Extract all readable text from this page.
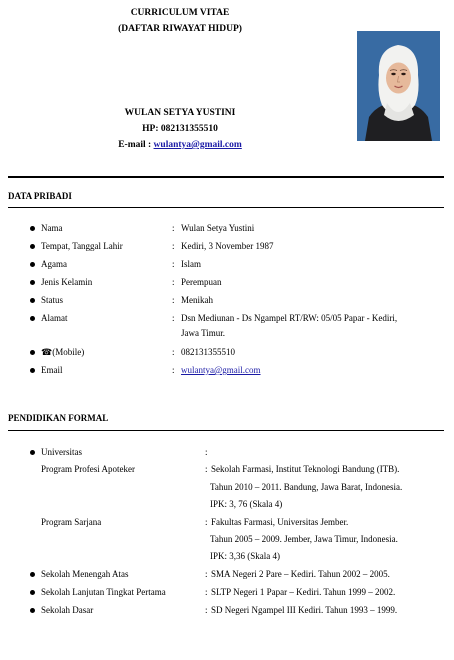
CURRICULUM VITAE
(DAFTAR RIWAYAT HIDUP)
WULAN SETYA YUSTINI
HP: 082131355510
E-mail : wulantya@gmail.com
DATA PRIBADI
Nama	: Wulan Setya Yustini
Tempat, Tanggal Lahir	: Kediri, 3 November 1987
Agama	: Islam
Jenis Kelamin	: Perempuan
Status	: Menikah
Alamat	: Dsn Mediunan - Ds Ngampel RT/RW: 05/05 Papar - Kediri,
Jawa Timur.
☎(Mobile)	: 082131355510
Email	: wulantya@gmail.com
PENDIDIKAN FORMAL
Universitas	:
Program Profesi Apoteker	: Sekolah Farmasi, Institut Teknologi Bandung (ITB).
Tahun 2010 – 2011. Bandung, Jawa Barat, Indonesia.
IPK: 3, 76 (Skala 4)
Program Sarjana	: Fakultas Farmasi, Universitas Jember.
Tahun 2005 – 2009. Jember, Jawa Timur, Indonesia.
IPK: 3,36 (Skala 4)
Sekolah Menengah Atas	: SMA Negeri 2 Pare – Kediri. Tahun 2002 – 2005.
Sekolah Lanjutan Tingkat Pertama	: SLTP Negeri 1 Papar – Kediri. Tahun 1999 – 2002.
Sekolah Dasar	: SD Negeri Ngampel III Kediri. Tahun 1993 – 1999.
